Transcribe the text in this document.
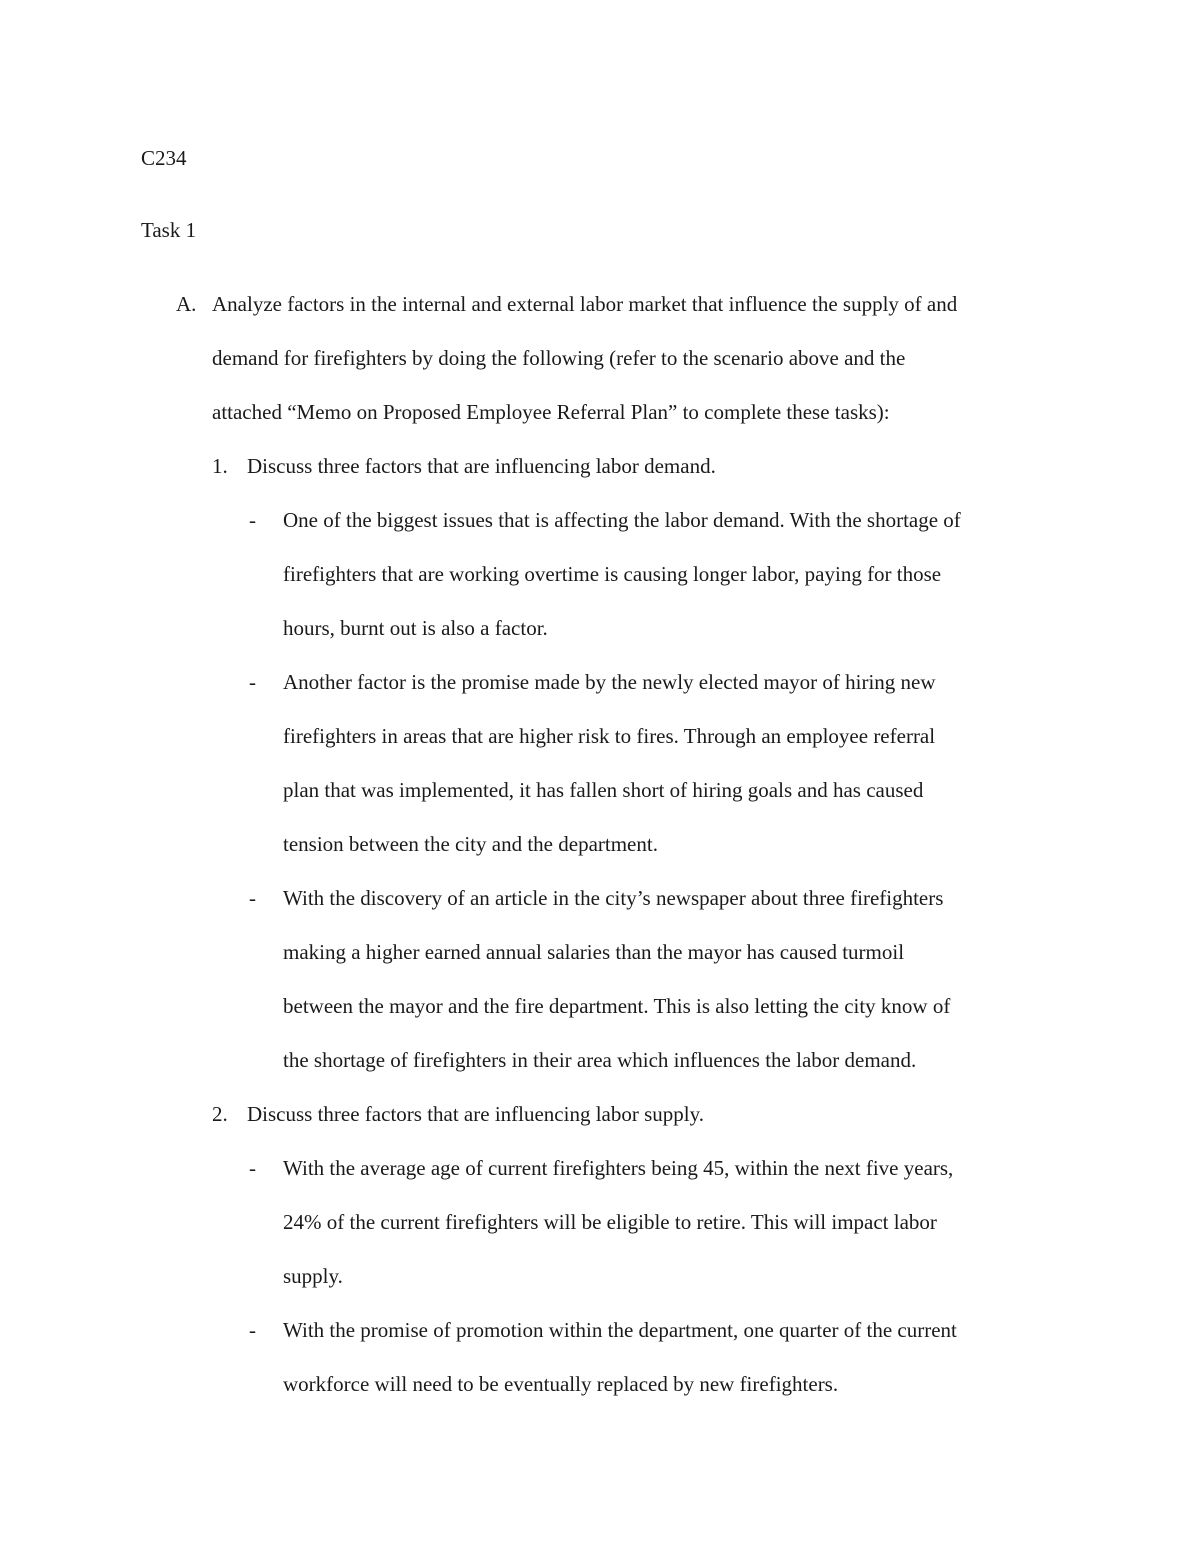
C234
Task 1
A. Analyze factors in the internal and external labor market that influence the supply of and
demand for firefighters by doing the following (refer to the scenario above and the
attached “Memo on Proposed Employee Referral Plan” to complete these tasks):
1. Discuss three factors that are influencing labor demand.
- One of the biggest issues that is affecting the labor demand. With the shortage of
firefighters that are working overtime is causing longer labor, paying for those
hours, burnt out is also a factor.
- Another factor is the promise made by the newly elected mayor of hiring new
firefighters in areas that are higher risk to fires. Through an employee referral
plan that was implemented, it has fallen short of hiring goals and has caused
tension between the city and the department.
- With the discovery of an article in the city’s newspaper about three firefighters
making a higher earned annual salaries than the mayor has caused turmoil
between the mayor and the fire department. This is also letting the city know of
the shortage of firefighters in their area which influences the labor demand.
2. Discuss three factors that are influencing labor supply.
- With the average age of current firefighters being 45, within the next five years,
24% of the current firefighters will be eligible to retire. This will impact labor
supply.
- With the promise of promotion within the department, one quarter of the current
workforce will need to be eventually replaced by new firefighters.
